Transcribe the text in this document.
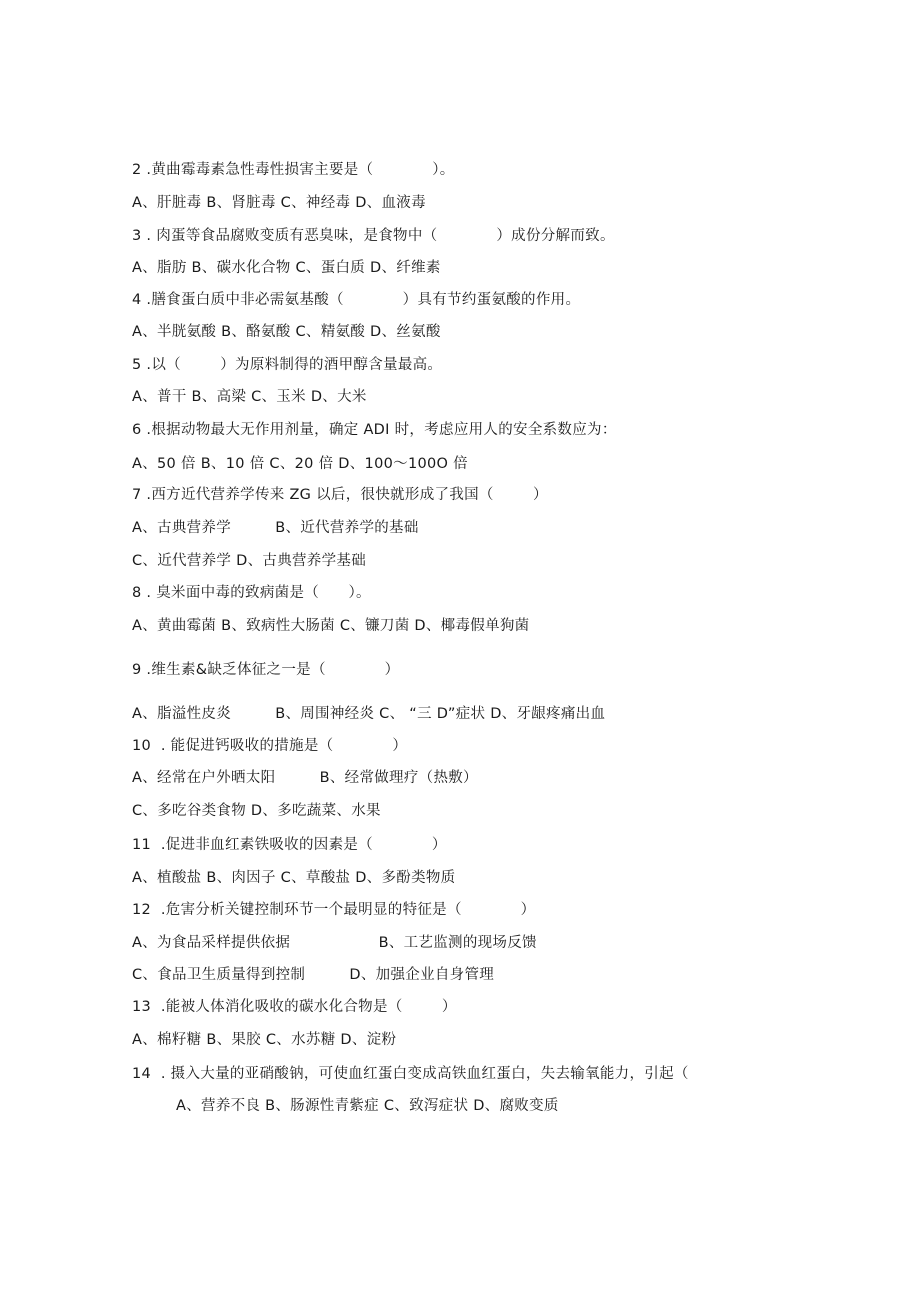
2 .黄曲霉毒素急性毒性损害主要是（            ）。
A、肝脏毒 B、肾脏毒 C、神经毒 D、血液毒
3 . 肉蛋等食品腐败变质有恶臭味，是食物中（            ）成份分解而致。
A、脂肪 B、碳水化合物 C、蛋白质 D、纤维素
4 .膳食蛋白质中非必需氨基酸（            ）具有节约蛋氨酸的作用。
A、半胱氨酸 B、酪氨酸 C、精氨酸 D、丝氨酸
5 .以（        ）为原料制得的酒甲醇含量最高。
A、普干 B、高梁 C、玉米 D、大米
6 .根据动物最大无作用剂量，确定 ADI 时，考虑应用人的安全系数应为：
A、50 倍 B、10 倍 C、20 倍 D、100～100O 倍
7 .西方近代营养学传来 ZG 以后，很快就形成了我国（        ）
A、古典营养学         B、近代营养学的基础
C、近代营养学 D、古典营养学基础
8 . 臭米面中毒的致病菌是（      ）。
A、黄曲霉菌 B、致病性大肠菌 C、镰刀菌 D、椰毒假单狗菌
9 .维生素&缺乏体征之一是（            ）
A、脂溢性皮炎         B、周围神经炎 C、 “三 D”症状 D、牙龈疼痛出血
10  . 能促进钙吸收的措施是（            ）
A、经常在户外晒太阳         B、经常做理疗（热敷）
C、多吃谷类食物 D、多吃蔬菜、水果
11  .促进非血红素铁吸收的因素是（            ）
A、植酸盐 B、肉因子 C、草酸盐 D、多酚类物质
12  .危害分析关键控制环节一个最明显的特征是（            ）
A、为食品采样提供依据                  B、工艺监测的现场反馈
C、食品卫生质量得到控制         D、加强企业自身管理
13  .能被人体消化吸收的碳水化合物是（        ）
A、棉籽糖 B、果胶 C、水苏糖 D、淀粉
14  . 摄入大量的亚硝酸钠，可使血红蛋白变成高铁血红蛋白，失去输氧能力，引起（
A、营养不良 B、肠源性青紫症 C、致泻症状 D、腐败变质
